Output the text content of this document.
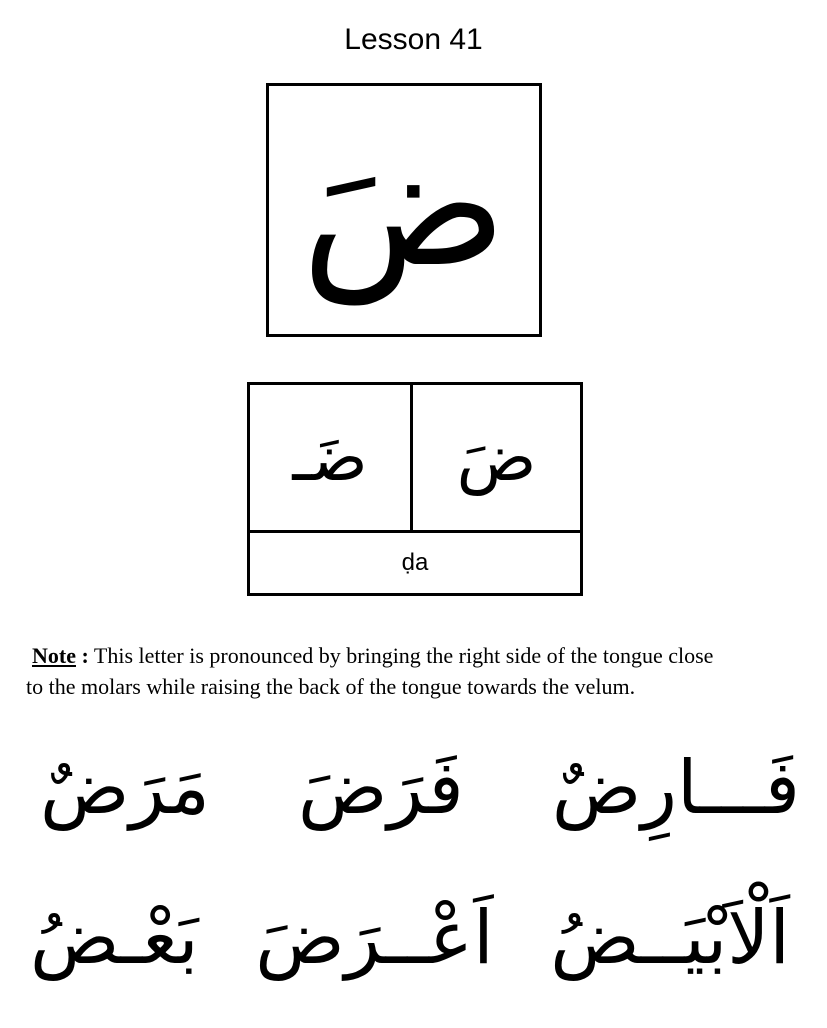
Lesson 41
ضَ
ضَـ	ضَ
ḍa
Note : This letter is pronounced by bringing the right side of the tongue close
to the molars while raising the back of the tongue towards the velum.
مَرَضٌ فَرَضَ فَـــارِضٌ
بَعْـضُ اَعْــرَضَ اَلْاَبْيَــضُ
